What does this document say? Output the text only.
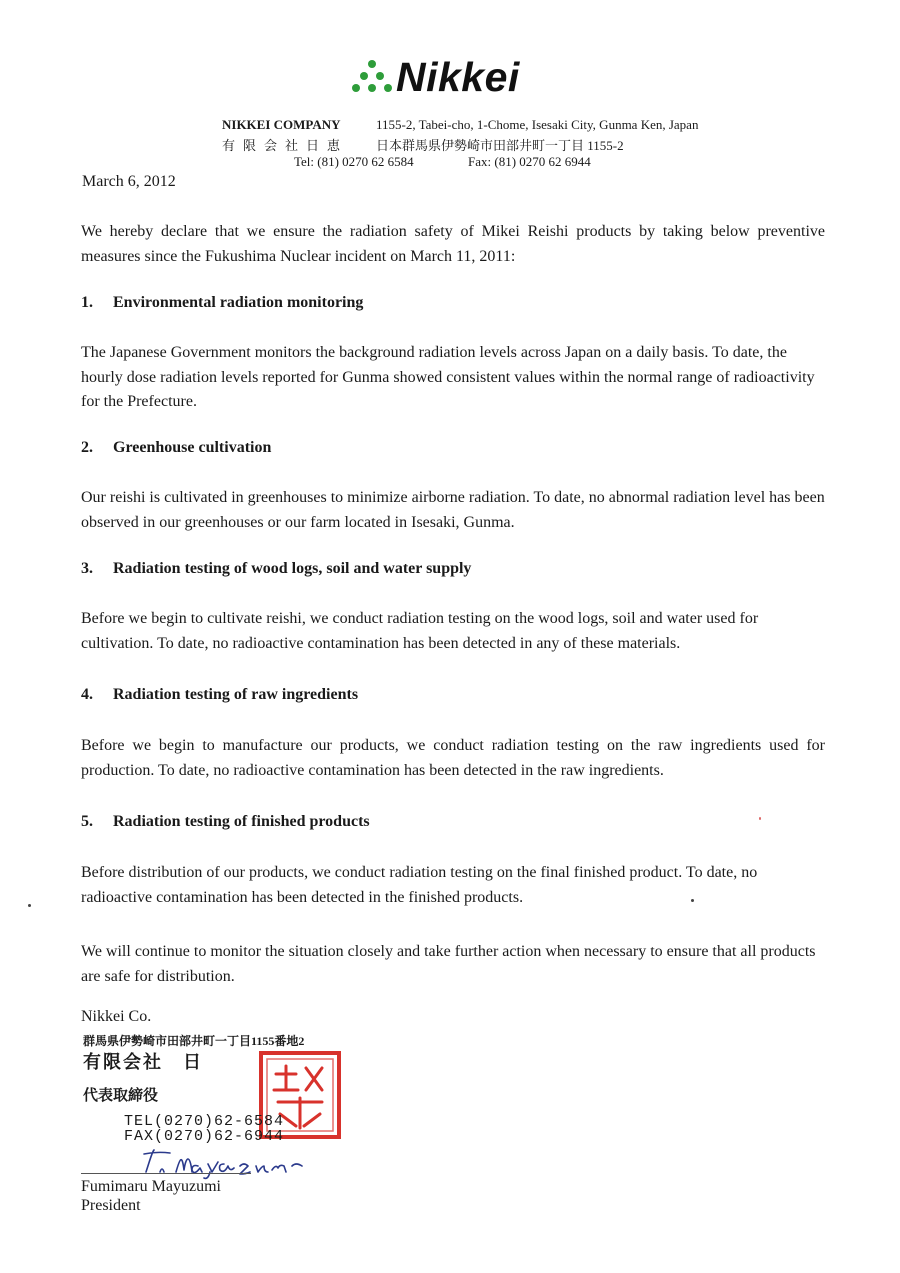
Nikkei
NIKKEI COMPANY	1155-2, Tabei-cho, 1-Chome, Isesaki City, Gunma Ken, Japan
有限会社日恵 日本群馬県伊勢崎市田部井町一丁目 1155-2
Tel: (81) 0270 62 6584	Fax: (81) 0270 62 6944
March 6, 2012

We hereby declare that we ensure the radiation safety of Mikei Reishi products by taking below preventive measures since the Fukushima Nuclear incident on March 11, 2011:

1.	Environmental radiation monitoring

The Japanese Government monitors the background radiation levels across Japan on a daily basis. To date, the hourly dose radiation levels reported for Gunma showed consistent values within the normal range of radioactivity for the Prefecture.

2.	Greenhouse cultivation

Our reishi is cultivated in greenhouses to minimize airborne radiation. To date, no abnormal radiation level has been observed in our greenhouses or our farm located in Isesaki, Gunma.

3.	Radiation testing of wood logs, soil and water supply

Before we begin to cultivate reishi, we conduct radiation testing on the wood logs, soil and water used for cultivation. To date, no radioactive contamination has been detected in any of these materials.

4.	Radiation testing of raw ingredients

Before we begin to manufacture our products, we conduct radiation testing on the raw ingredients used for production. To date, no radioactive contamination has been detected in the raw ingredients.

5.	Radiation testing of finished products

Before distribution of our products, we conduct radiation testing on the final finished product. To date, no radioactive contamination has been detected in the finished products.

We will continue to monitor the situation closely and take further action when necessary to ensure that all products are safe for distribution.

Nikkei Co.
群馬県伊勢崎市田部井町一丁目1155番地2
有限会社　日
代表取締役
TEL(0270)62-6584
FAX(0270)62-6944
Fumimaru Mayuzumi
President
